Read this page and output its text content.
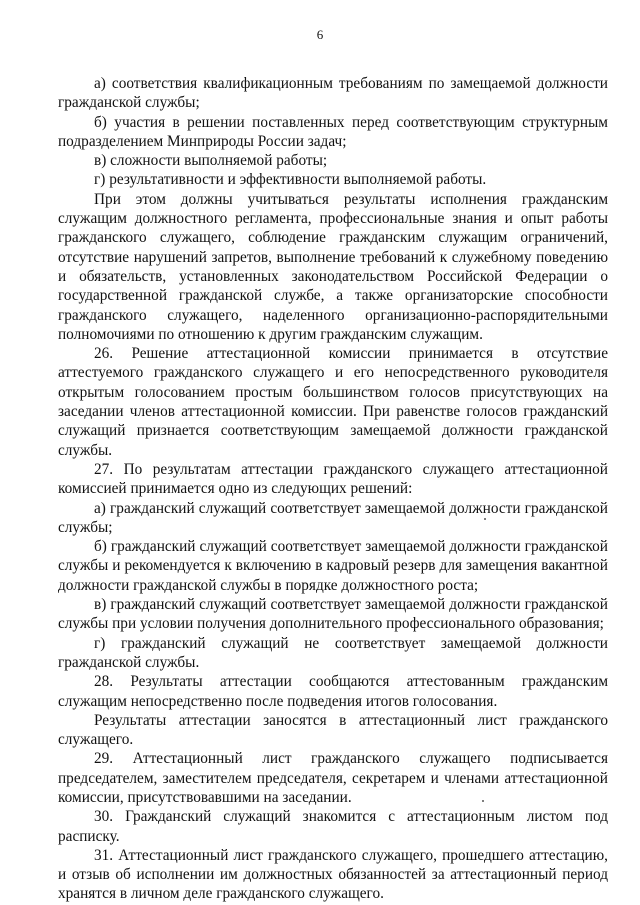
6

а) соответствия квалификационным требованиям по замещаемой должности гражданской службы;

б) участия в решении поставленных перед соответствующим структурным подразделением Минприроды России задач;

в) сложности выполняемой работы;

г) результативности и эффективности выполняемой работы.

При этом должны учитываться результаты исполнения гражданским служащим должностного регламента, профессиональные знания и опыт работы гражданского служащего, соблюдение гражданским служащим ограничений, отсутствие нарушений запретов, выполнение требований к служебному поведению и обязательств, установленных законодательством Российской Федерации о государственной гражданской службе, а также организаторские способности гражданского служащего, наделенного организационно-распорядительными полномочиями по отношению к другим гражданским служащим.

26. Решение аттестационной комиссии принимается в отсутствие аттестуемого гражданского служащего и его непосредственного руководителя открытым голосованием простым большинством голосов присутствующих на заседании членов аттестационной комиссии. При равенстве голосов гражданский служащий признается соответствующим замещаемой должности гражданской службы.

27. По результатам аттестации гражданского служащего аттестационной комиссией принимается одно из следующих решений:

а) гражданский служащий соответствует замещаемой должности гражданской службы;

б) гражданский служащий соответствует замещаемой должности гражданской службы и рекомендуется к включению в кадровый резерв для замещения вакантной должности гражданской службы в порядке должностного роста;

в) гражданский служащий соответствует замещаемой должности гражданской службы при условии получения дополнительного профессионального образования;

г) гражданский служащий не соответствует замещаемой должности гражданской службы.

28. Результаты аттестации сообщаются аттестованным гражданским служащим непосредственно после подведения итогов голосования.

Результаты аттестации заносятся в аттестационный лист гражданского служащего.

29. Аттестационный лист гражданского служащего подписывается председателем, заместителем председателя, секретарем и членами аттестационной комиссии, присутствовавшими на заседании.

30. Гражданский служащий знакомится с аттестационным листом под расписку.

31. Аттестационный лист гражданского служащего, прошедшего аттестацию, и отзыв об исполнении им должностных обязанностей за аттестационный период хранятся в личном деле гражданского служащего.
